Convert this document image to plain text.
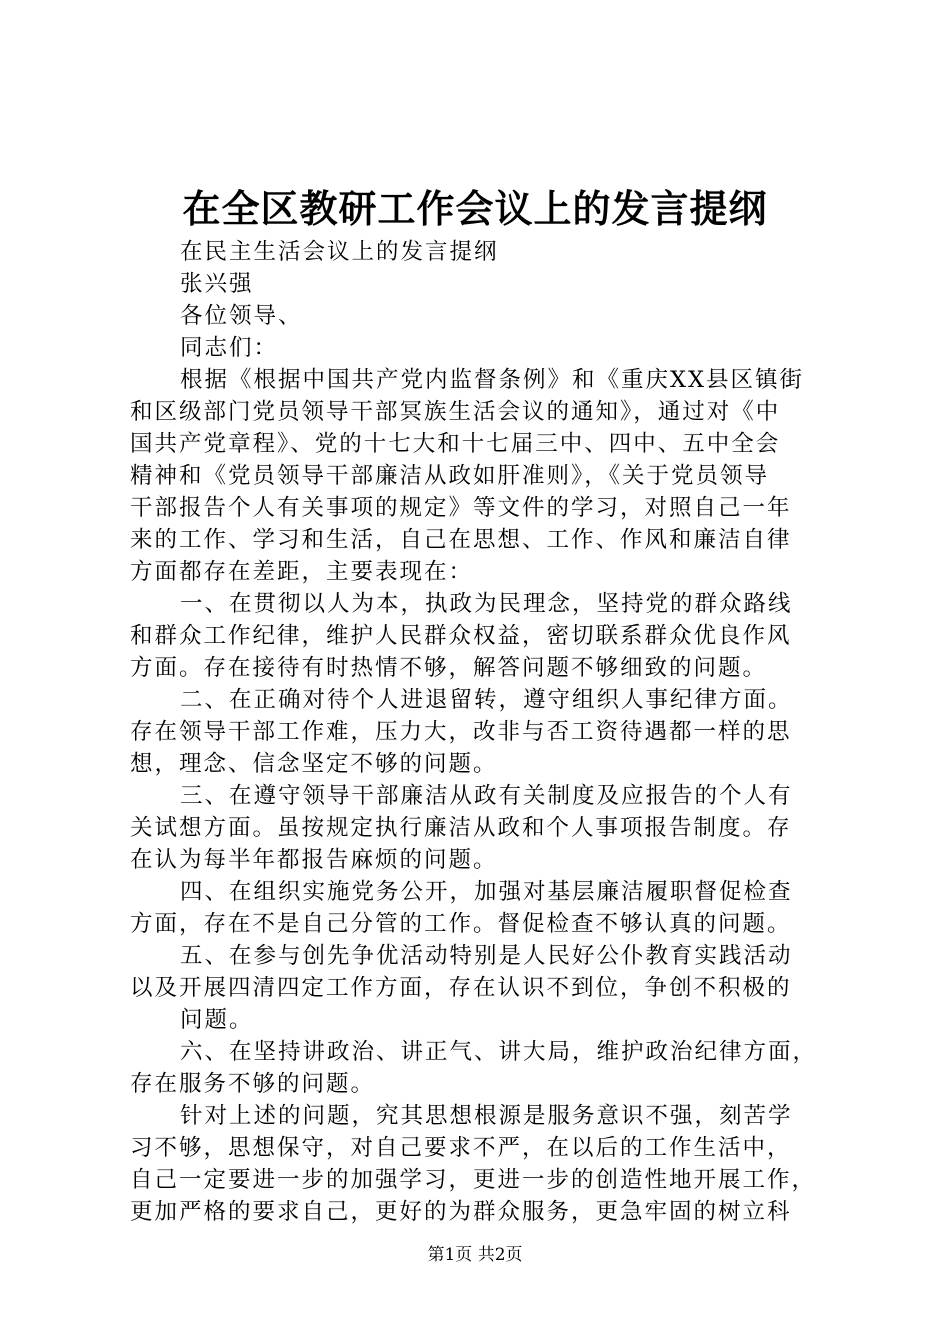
在全区教研工作会议上的发言提纲
在民主生活会议上的发言提纲
张兴强
各位领导、
同志们：
根据《根据中国共产党内监督条例》和《重庆XX县区镇街
和区级部门党员领导干部冥族生活会议的通知》，通过对《中
国共产党章程》、党的十七大和十七届三中、四中、五中全会
精神和《党员领导干部廉洁从政如肝准则》，《关于党员领导
干部报告个人有关事项的规定》等文件的学习，对照自己一年
来的工作、学习和生活，自己在思想、工作、作风和廉洁自律
方面都存在差距，主要表现在：
一、在贯彻以人为本，执政为民理念，坚持党的群众路线
和群众工作纪律，维护人民群众权益，密切联系群众优良作风
方面。存在接待有时热情不够，解答问题不够细致的问题。
二、在正确对待个人进退留转，遵守组织人事纪律方面。
存在领导干部工作难，压力大，改非与否工资待遇都一样的思
想，理念、信念坚定不够的问题。
三、在遵守领导干部廉洁从政有关制度及应报告的个人有
关试想方面。虽按规定执行廉洁从政和个人事项报告制度。存
在认为每半年都报告麻烦的问题。
四、在组织实施党务公开，加强对基层廉洁履职督促检查
方面，存在不是自己分管的工作。督促检查不够认真的问题。
五、在参与创先争优活动特别是人民好公仆教育实践活动
以及开展四清四定工作方面，存在认识不到位，争创不积极的
问题。
六、在坚持讲政治、讲正气、讲大局，维护政治纪律方面，
存在服务不够的问题。
针对上述的问题，究其思想根源是服务意识不强，刻苦学
习不够，思想保守，对自己要求不严，在以后的工作生活中，
自己一定要进一步的加强学习，更进一步的创造性地开展工作，
更加严格的要求自己，更好的为群众服务，更急牢固的树立科
第1页 共2页
